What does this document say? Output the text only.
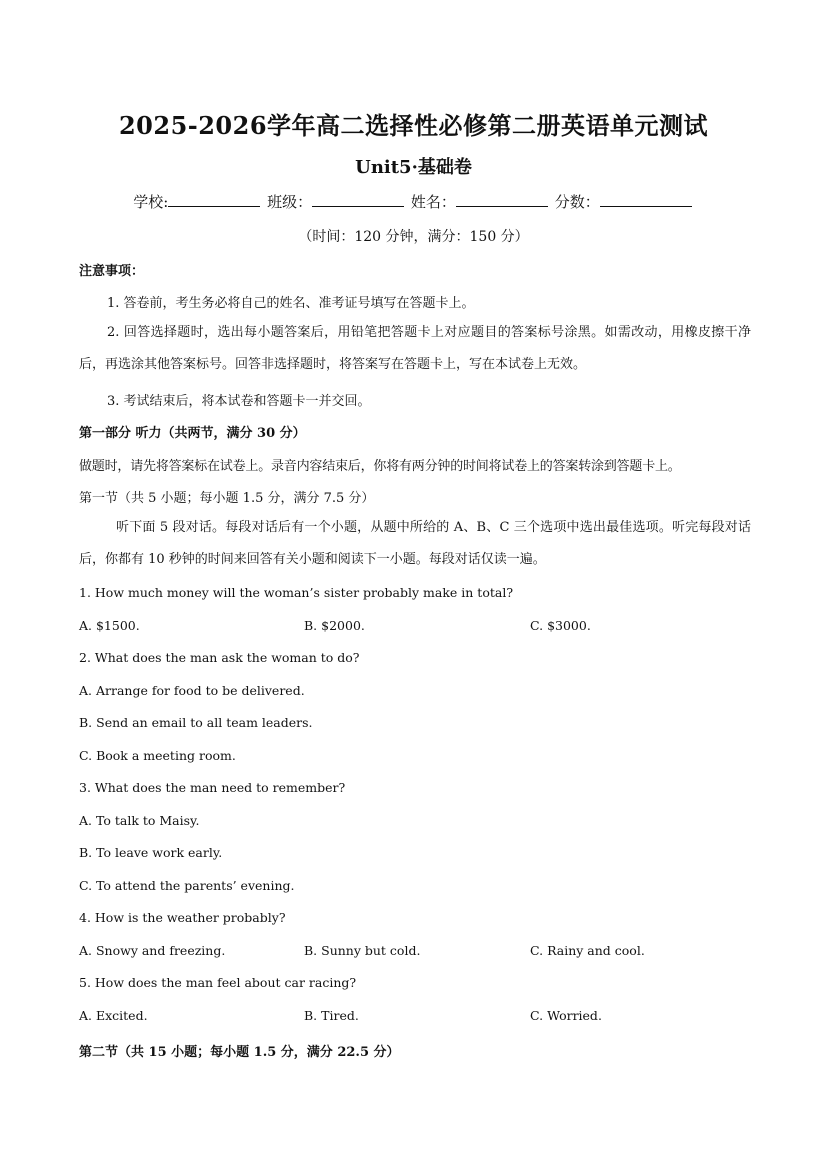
2025-2026学年高二选择性必修第二册英语单元测试
Unit5·基础卷
学校:	班级：	姓名：	分数：
（时间：120 分钟，满分：150 分）
注意事项：
1. 答卷前，考生务必将自己的姓名、准考证号填写在答题卡上。
2. 回答选择题时，选出每小题答案后，用铅笔把答题卡上对应题目的答案标号涂黑。如需改动，用橡皮擦干净后，再选涂其他答案标号。回答非选择题时，将答案写在答题卡上，写在本试卷上无效。
3. 考试结束后，将本试卷和答题卡一并交回。
第一部分 听力（共两节，满分 30 分）
做题时，请先将答案标在试卷上。录音内容结束后，你将有两分钟的时间将试卷上的答案转涂到答题卡上。
第一节（共 5 小题；每小题 1.5 分，满分 7.5 分）
听下面 5 段对话。每段对话后有一个小题，从题中所给的 A、B、C 三个选项中选出最佳选项。听完每段对话后，你都有 10 秒钟的时间来回答有关小题和阅读下一小题。每段对话仅读一遍。
1. How much money will the woman’s sister probably make in total?
A. $1500.	B. $2000.	C. $3000.
2. What does the man ask the woman to do?
A. Arrange for food to be delivered.
B. Send an email to all team leaders.
C. Book a meeting room.
3. What does the man need to remember?
A. To talk to Maisy.
B. To leave work early.
C. To attend the parents’ evening.
4. How is the weather probably?
A. Snowy and freezing.	B. Sunny but cold.	C. Rainy and cool.
5. How does the man feel about car racing?
A. Excited.	B. Tired.	C. Worried.
第二节（共 15 小题；每小题 1.5 分，满分 22.5 分）
